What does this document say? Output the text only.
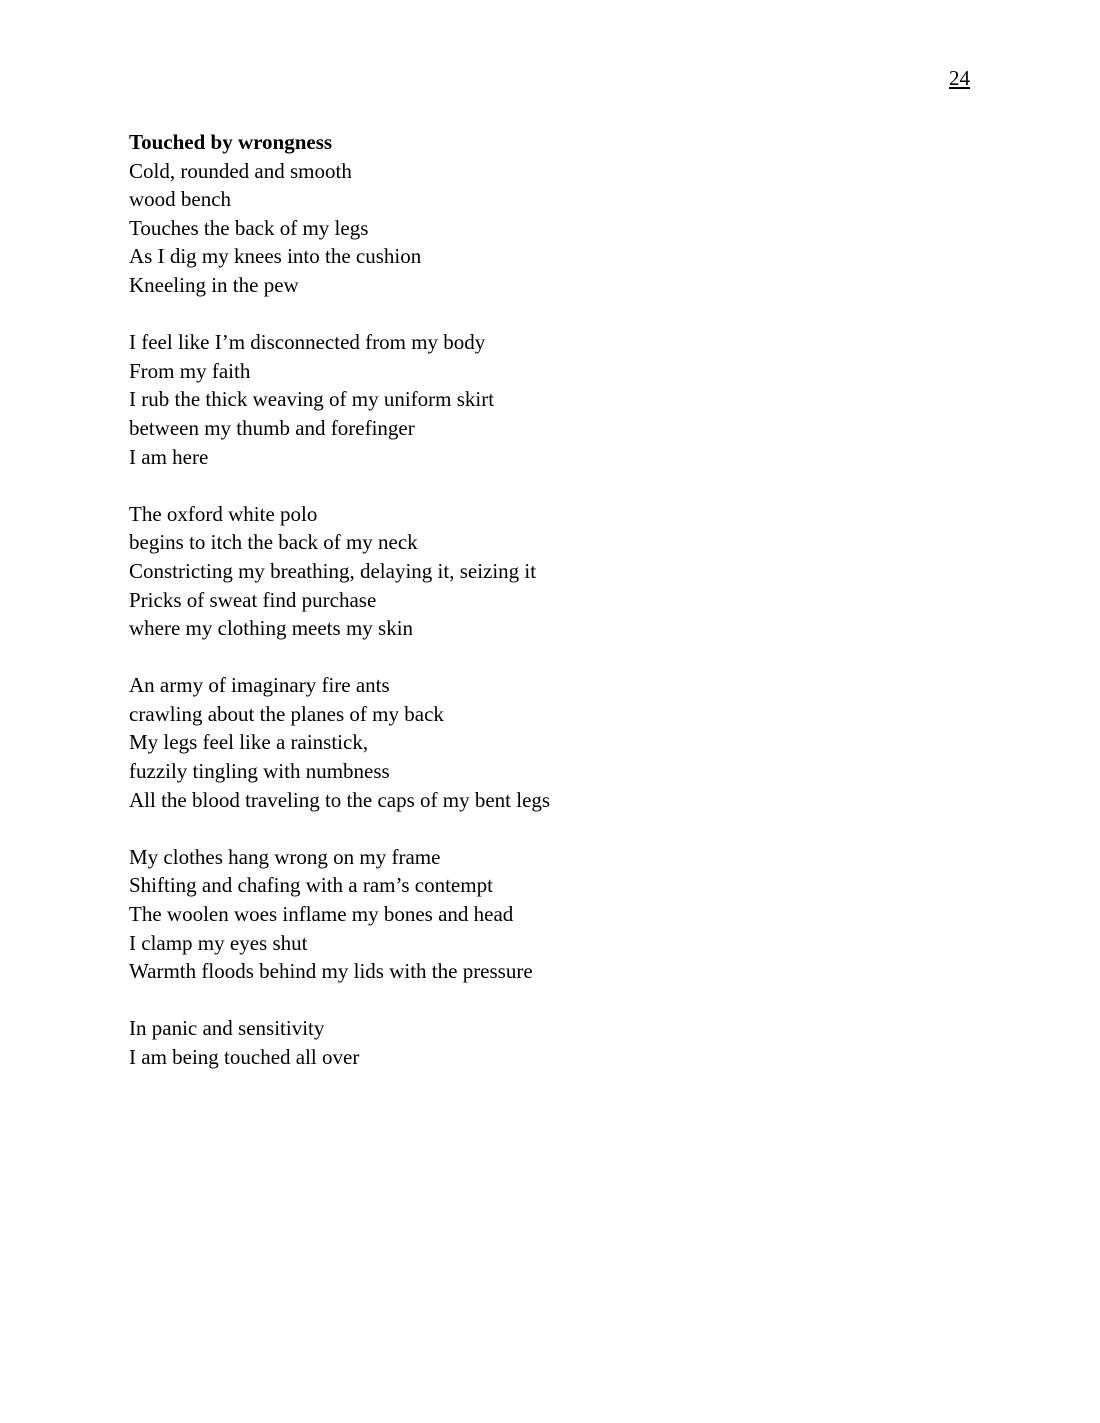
24
Touched by wrongness
Cold, rounded and smooth
wood bench
Touches the back of my legs
As I dig my knees into the cushion
Kneeling in the pew
I feel like I’m disconnected from my body
From my faith
I rub the thick weaving of my uniform skirt
between my thumb and forefinger
I am here
The oxford white polo
begins to itch the back of my neck
Constricting my breathing, delaying it, seizing it
Pricks of sweat find purchase
where my clothing meets my skin
An army of imaginary fire ants
crawling about the planes of my back
My legs feel like a rainstick,
fuzzily tingling with numbness
All the blood traveling to the caps of my bent legs
My clothes hang wrong on my frame
Shifting and chafing with a ram’s contempt
The woolen woes inflame my bones and head
I clamp my eyes shut
Warmth floods behind my lids with the pressure
In panic and sensitivity
I am being touched all over
